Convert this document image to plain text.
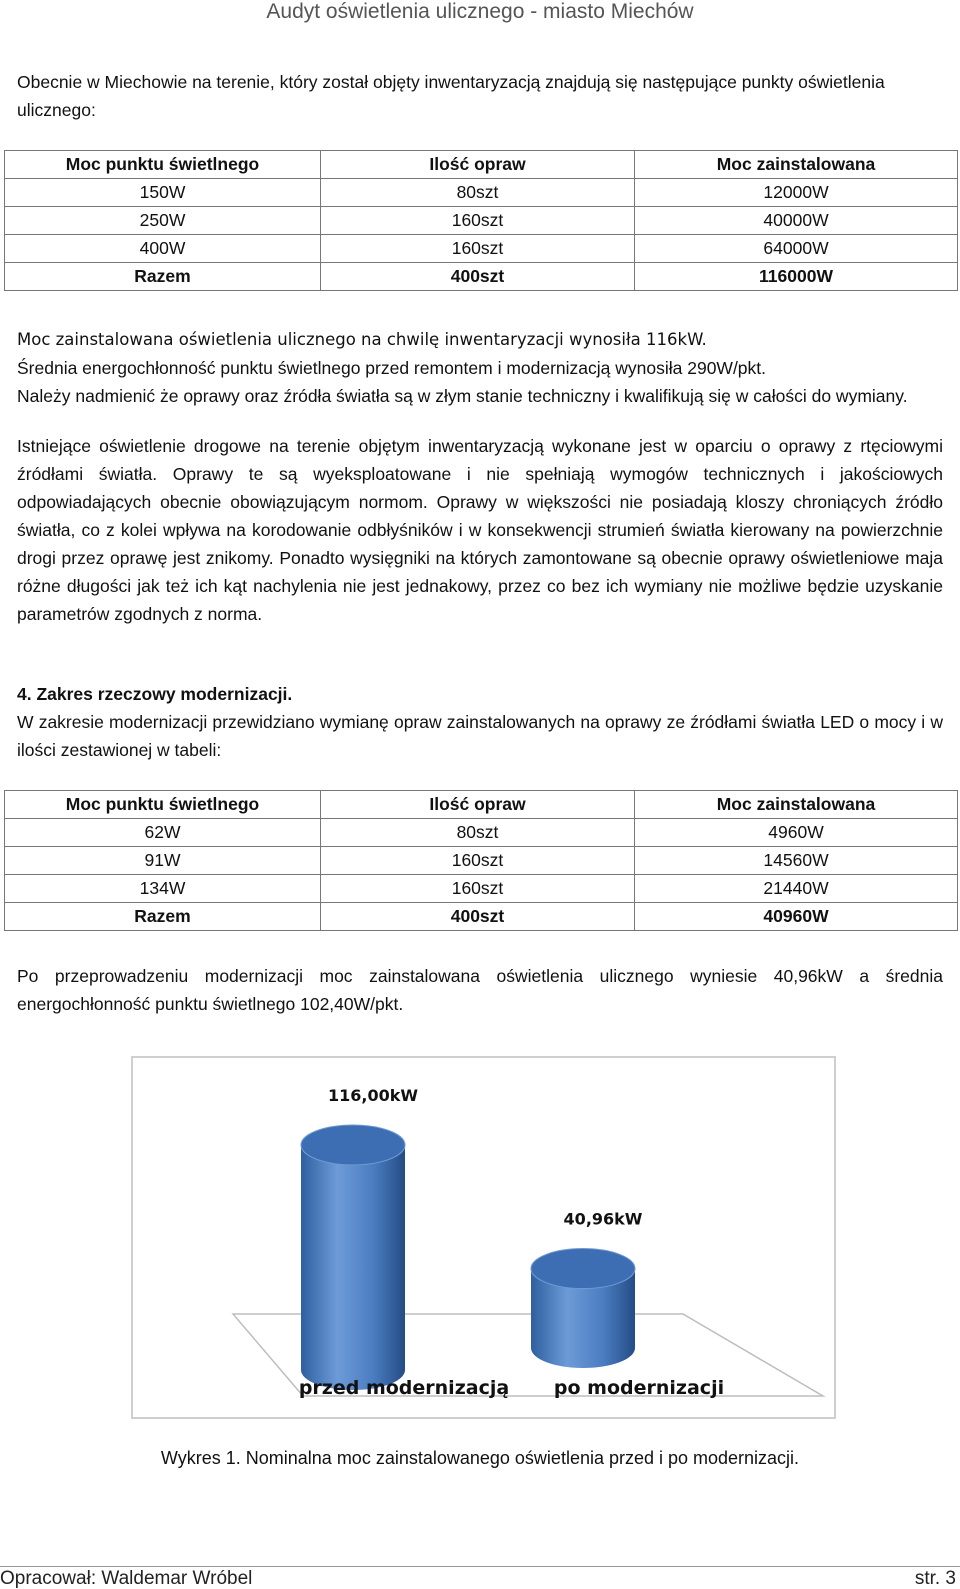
Audyt oświetlenia ulicznego - miasto Miechów
Obecnie w Miechowie na terenie, który został objęty inwentaryzacją znajdują się następujące punkty oświetlenia ulicznego:
Moc punktu świetlnego	Ilość opraw	Moc zainstalowana
150W	80szt	12000W
250W	160szt	40000W
400W	160szt	64000W
Razem	400szt	116000W
Moc zainstalowana oświetlenia ulicznego na chwilę inwentaryzacji wynosiła 116kW.
Średnia energochłonność punktu świetlnego przed remontem i modernizacją wynosiła 290W/pkt.
Należy nadmienić że oprawy oraz źródła światła są w złym stanie techniczny i kwalifikują się w całości do wymiany.
Istniejące oświetlenie drogowe na terenie objętym inwentaryzacją wykonane jest w oparciu o oprawy z rtęciowymi źródłami światła. Oprawy te są wyeksploatowane i nie spełniają wymogów technicznych i jakościowych odpowiadających obecnie obowiązującym normom. Oprawy w większości nie posiadają kloszy chroniących źródło światła, co z kolei wpływa na korodowanie odbłyśników i w konsekwencji strumień światła kierowany na powierzchnie drogi przez oprawę jest znikomy. Ponadto wysięgniki na których zamontowane są obecnie oprawy oświetleniowe maja różne długości jak też ich kąt nachylenia nie jest jednakowy, przez co bez ich wymiany nie możliwe będzie uzyskanie parametrów zgodnych z norma.
4. Zakres rzeczowy modernizacji.
W zakresie modernizacji przewidziano wymianę opraw zainstalowanych na oprawy ze źródłami światła LED o mocy i w ilości zestawionej w tabeli:
Moc punktu świetlnego	Ilość opraw	Moc zainstalowana
62W	80szt	4960W
91W	160szt	14560W
134W	160szt	21440W
Razem	400szt	40960W
Po przeprowadzeniu modernizacji moc zainstalowana oświetlenia ulicznego wyniesie 40,96kW a średnia energochłonność punktu świetlnego 102,40W/pkt.
116,00kW
40,96kW
przed modernizacją po modernizacji
Wykres 1. Nominalna moc zainstalowanego oświetlenia przed i po modernizacji.
Opracował: Waldemar Wróbel	str. 3
